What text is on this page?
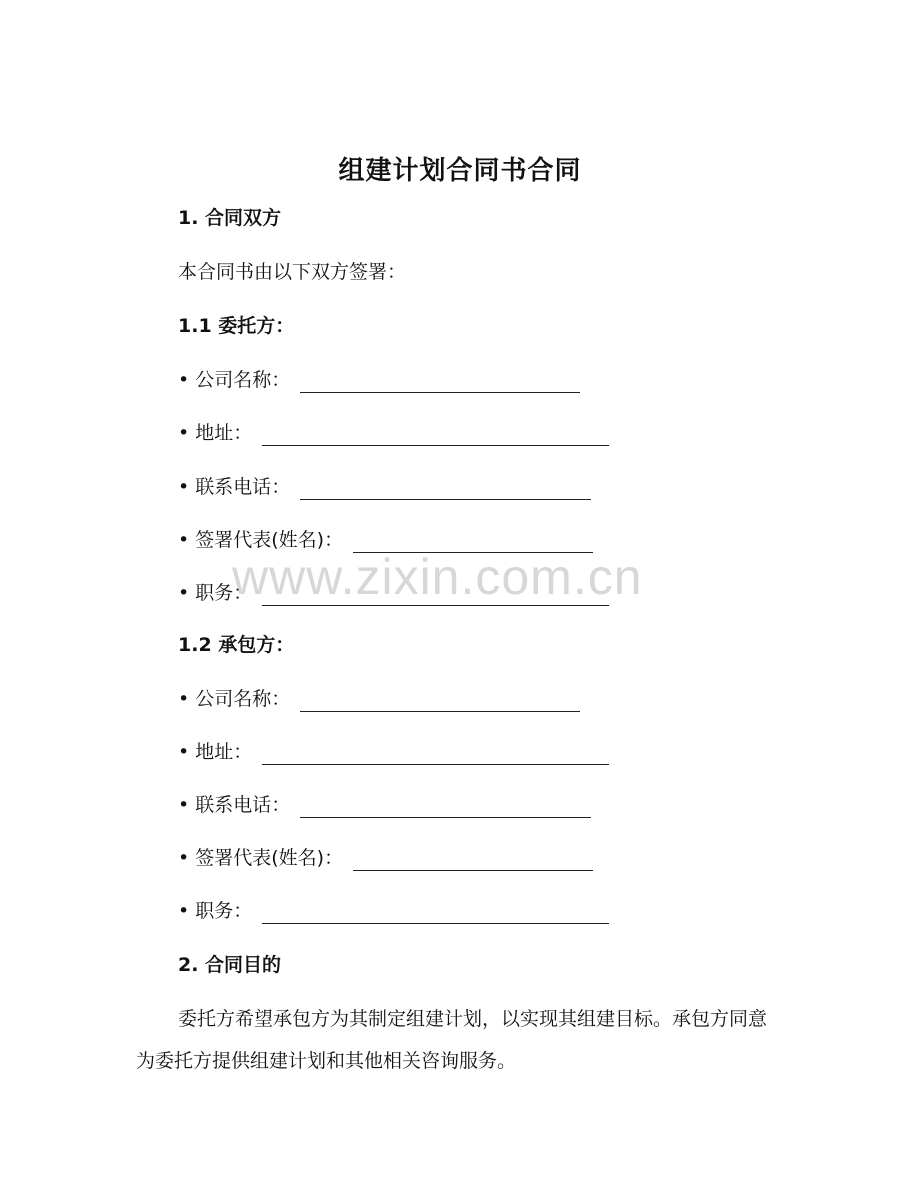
组建计划合同书合同
1. 合同双方
本合同书由以下双方签署：
1.1 委托方：
• 公司名称：
• 地址：
• 联系电话：
• 签署代表(姓名)：
• 职务：
1.2 承包方：
• 公司名称：
• 地址：
• 联系电话：
• 签署代表(姓名)：
• 职务：
2. 合同目的
委托方希望承包方为其制定组建计划，以实现其组建目标。承包方同意为委托方提供组建计划和其他相关咨询服务。
www.zixin.com.cn
